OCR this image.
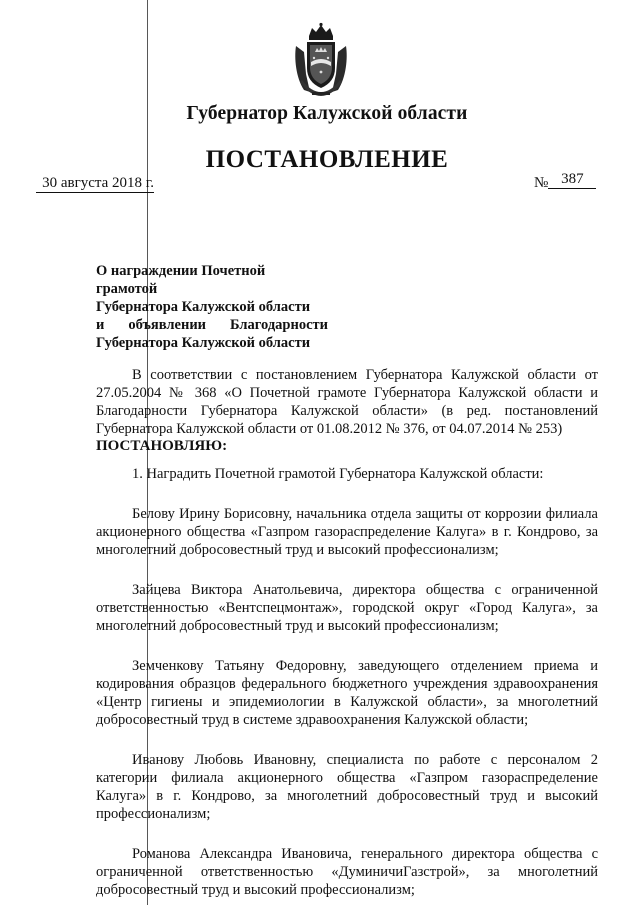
Губернатор Калужской области
ПОСТАНОВЛЕНИЕ
30 августа 2018 г.	№ 387
О награждении Почетной грамотой
Губернатора Калужской области
и объявлении Благодарности
Губернатора Калужской области

В соответствии с постановлением Губернатора Калужской области от 27.05.2004 № 368 «О Почетной грамоте Губернатора Калужской области и Благодарности Губернатора Калужской области» (в ред. постановлений Губернатора Калужской области от 01.08.2012 № 376, от 04.07.2014 № 253)

ПОСТАНОВЛЯЮ:

1. Наградить Почетной грамотой Губернатора Калужской области:

Белову Ирину Борисовну, начальника отдела защиты от коррозии филиала акционерного общества «Газпром газораспределение Калуга» в г. Кондрово, за многолетний добросовестный труд и высокий профессионализм;

Зайцева Виктора Анатольевича, директора общества с ограниченной ответственностью «Вентспецмонтаж», городской округ «Город Калуга», за многолетний добросовестный труд и высокий профессионализм;

Земченкову Татьяну Федоровну, заведующего отделением приема и кодирования образцов федерального бюджетного учреждения здравоохранения «Центр гигиены и эпидемиологии в Калужской области», за многолетний добросовестный труд в системе здравоохранения Калужской области;

Иванову Любовь Ивановну, специалиста по работе с персоналом 2 категории филиала акционерного общества «Газпром газораспределение Калуга» в г. Кондрово, за многолетний добросовестный труд и высокий профессионализм;

Романова Александра Ивановича, генерального директора общества с ограниченной ответственностью «ДуминичиГазстрой», за многолетний добросовестный труд и высокий профессионализм;
